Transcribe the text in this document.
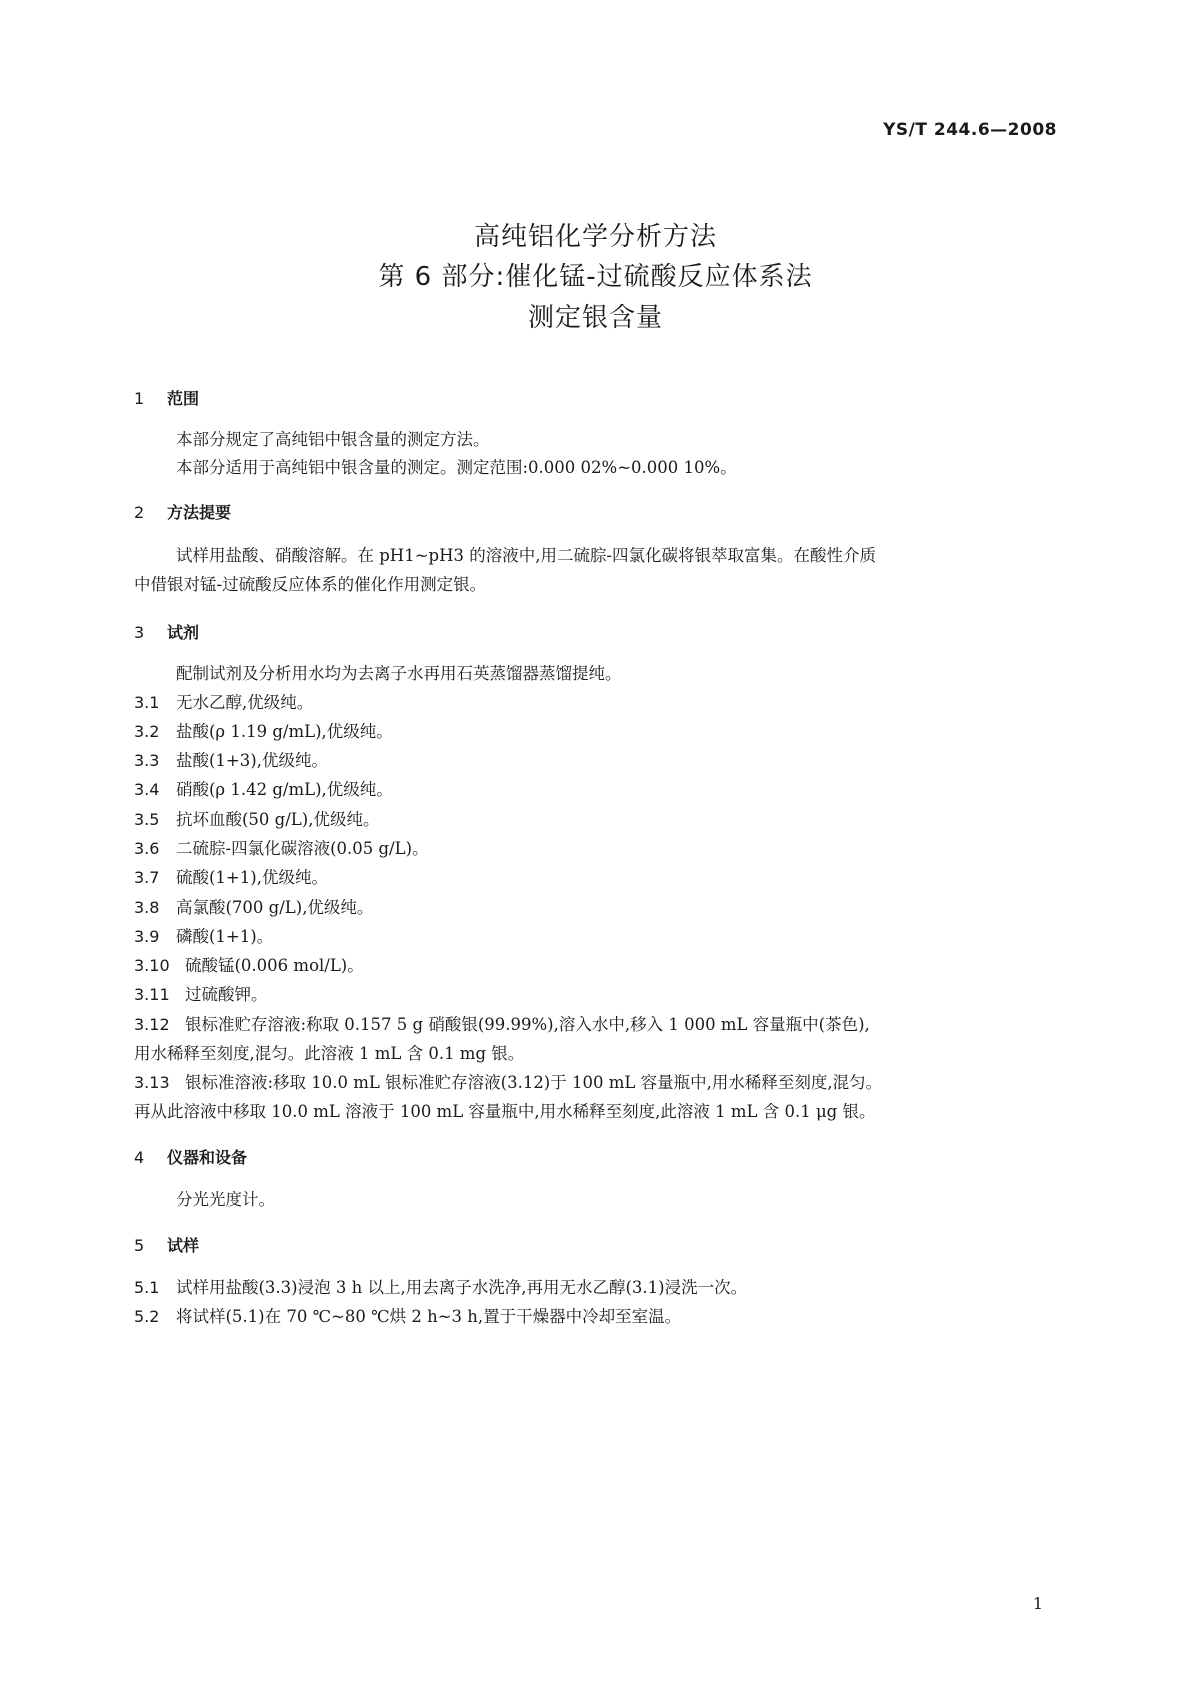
YS/T 244.6—2008
高纯铝化学分析方法
第 6 部分:催化锰-过硫酸反应体系法
测定银含量
1 范围
本部分规定了高纯铝中银含量的测定方法。
本部分适用于高纯铝中银含量的测定。测定范围:0.000 02%~0.000 10%。
2 方法提要
试样用盐酸、硝酸溶解。在 pH1~pH3 的溶液中,用二硫腙-四氯化碳将银萃取富集。在酸性介质
中借银对锰-过硫酸反应体系的催化作用测定银。
3 试剂
配制试剂及分析用水均为去离子水再用石英蒸馏器蒸馏提纯。
3.1 无水乙醇,优级纯。
3.2 盐酸(ρ 1.19 g/mL),优级纯。
3.3 盐酸(1+3),优级纯。
3.4 硝酸(ρ 1.42 g/mL),优级纯。
3.5 抗坏血酸(50 g/L),优级纯。
3.6 二硫腙-四氯化碳溶液(0.05 g/L)。
3.7 硫酸(1+1),优级纯。
3.8 高氯酸(700 g/L),优级纯。
3.9 磷酸(1+1)。
3.10 硫酸锰(0.006 mol/L)。
3.11 过硫酸钾。
3.12 银标准贮存溶液:称取 0.157 5 g 硝酸银(99.99%),溶入水中,移入 1 000 mL 容量瓶中(茶色),
用水稀释至刻度,混匀。此溶液 1 mL 含 0.1 mg 银。
3.13 银标准溶液:移取 10.0 mL 银标准贮存溶液(3.12)于 100 mL 容量瓶中,用水稀释至刻度,混匀。
再从此溶液中移取 10.0 mL 溶液于 100 mL 容量瓶中,用水稀释至刻度,此溶液 1 mL 含 0.1 μg 银。
4 仪器和设备
分光光度计。
5 试样
5.1 试样用盐酸(3.3)浸泡 3 h 以上,用去离子水洗净,再用无水乙醇(3.1)浸洗一次。
5.2 将试样(5.1)在 70 ℃~80 ℃烘 2 h~3 h,置于干燥器中冷却至室温。
1
